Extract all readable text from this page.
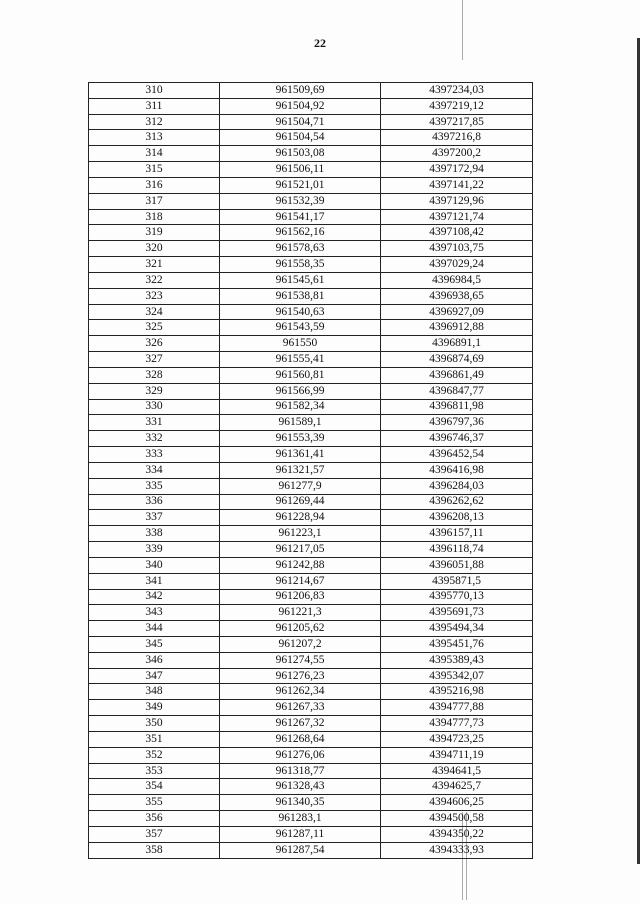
22
310	961509,69	4397234,03
311	961504,92	4397219,12
312	961504,71	4397217,85
313	961504,54	4397216,8
314	961503,08	4397200,2
315	961506,11	4397172,94
316	961521,01	4397141,22
317	961532,39	4397129,96
318	961541,17	4397121,74
319	961562,16	4397108,42
320	961578,63	4397103,75
321	961558,35	4397029,24
322	961545,61	4396984,5
323	961538,81	4396938,65
324	961540,63	4396927,09
325	961543,59	4396912,88
326	961550	4396891,1
327	961555,41	4396874,69
328	961560,81	4396861,49
329	961566,99	4396847,77
330	961582,34	4396811,98
331	961589,1	4396797,36
332	961553,39	4396746,37
333	961361,41	4396452,54
334	961321,57	4396416,98
335	961277,9	4396284,03
336	961269,44	4396262,62
337	961228,94	4396208,13
338	961223,1	4396157,11
339	961217,05	4396118,74
340	961242,88	4396051,88
341	961214,67	4395871,5
342	961206,83	4395770,13
343	961221,3	4395691,73
344	961205,62	4395494,34
345	961207,2	4395451,76
346	961274,55	4395389,43
347	961276,23	4395342,07
348	961262,34	4395216,98
349	961267,33	4394777,88
350	961267,32	4394777,73
351	961268,64	4394723,25
352	961276,06	4394711,19
353	961318,77	4394641,5
354	961328,43	4394625,7
355	961340,35	4394606,25
356	961283,1	4394500,58
357	961287,11	4394350,22
358	961287,54	4394333,93
